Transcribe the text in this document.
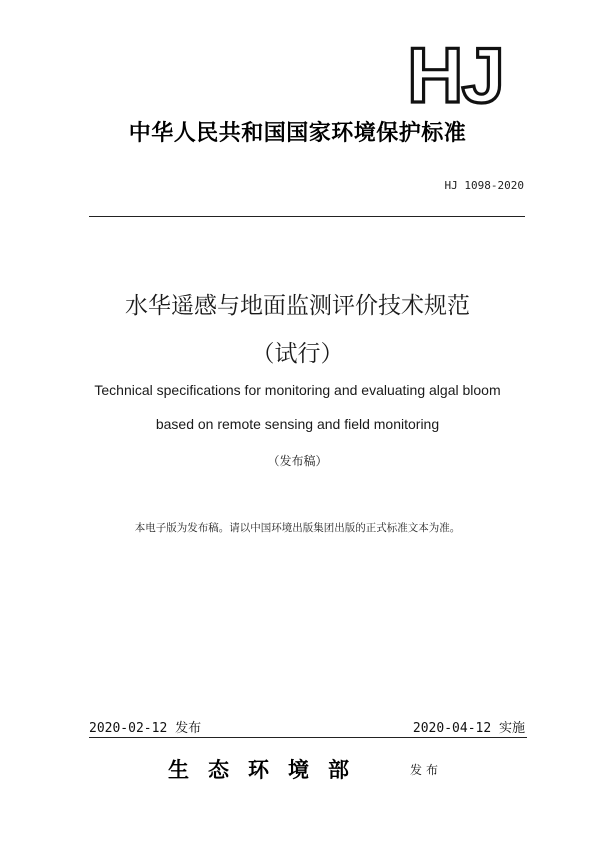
HJ
中华人民共和国国家环境保护标准
HJ 1098-2020
水华遥感与地面监测评价技术规范
（试行）
Technical specifications for monitoring and evaluating algal bloom
based on remote sensing and field monitoring
（发布稿）
本电子版为发布稿。请以中国环境出版集团出版的正式标准文本为准。
2020-02-12 发布	2020-04-12 实施
生态环境部	发布
